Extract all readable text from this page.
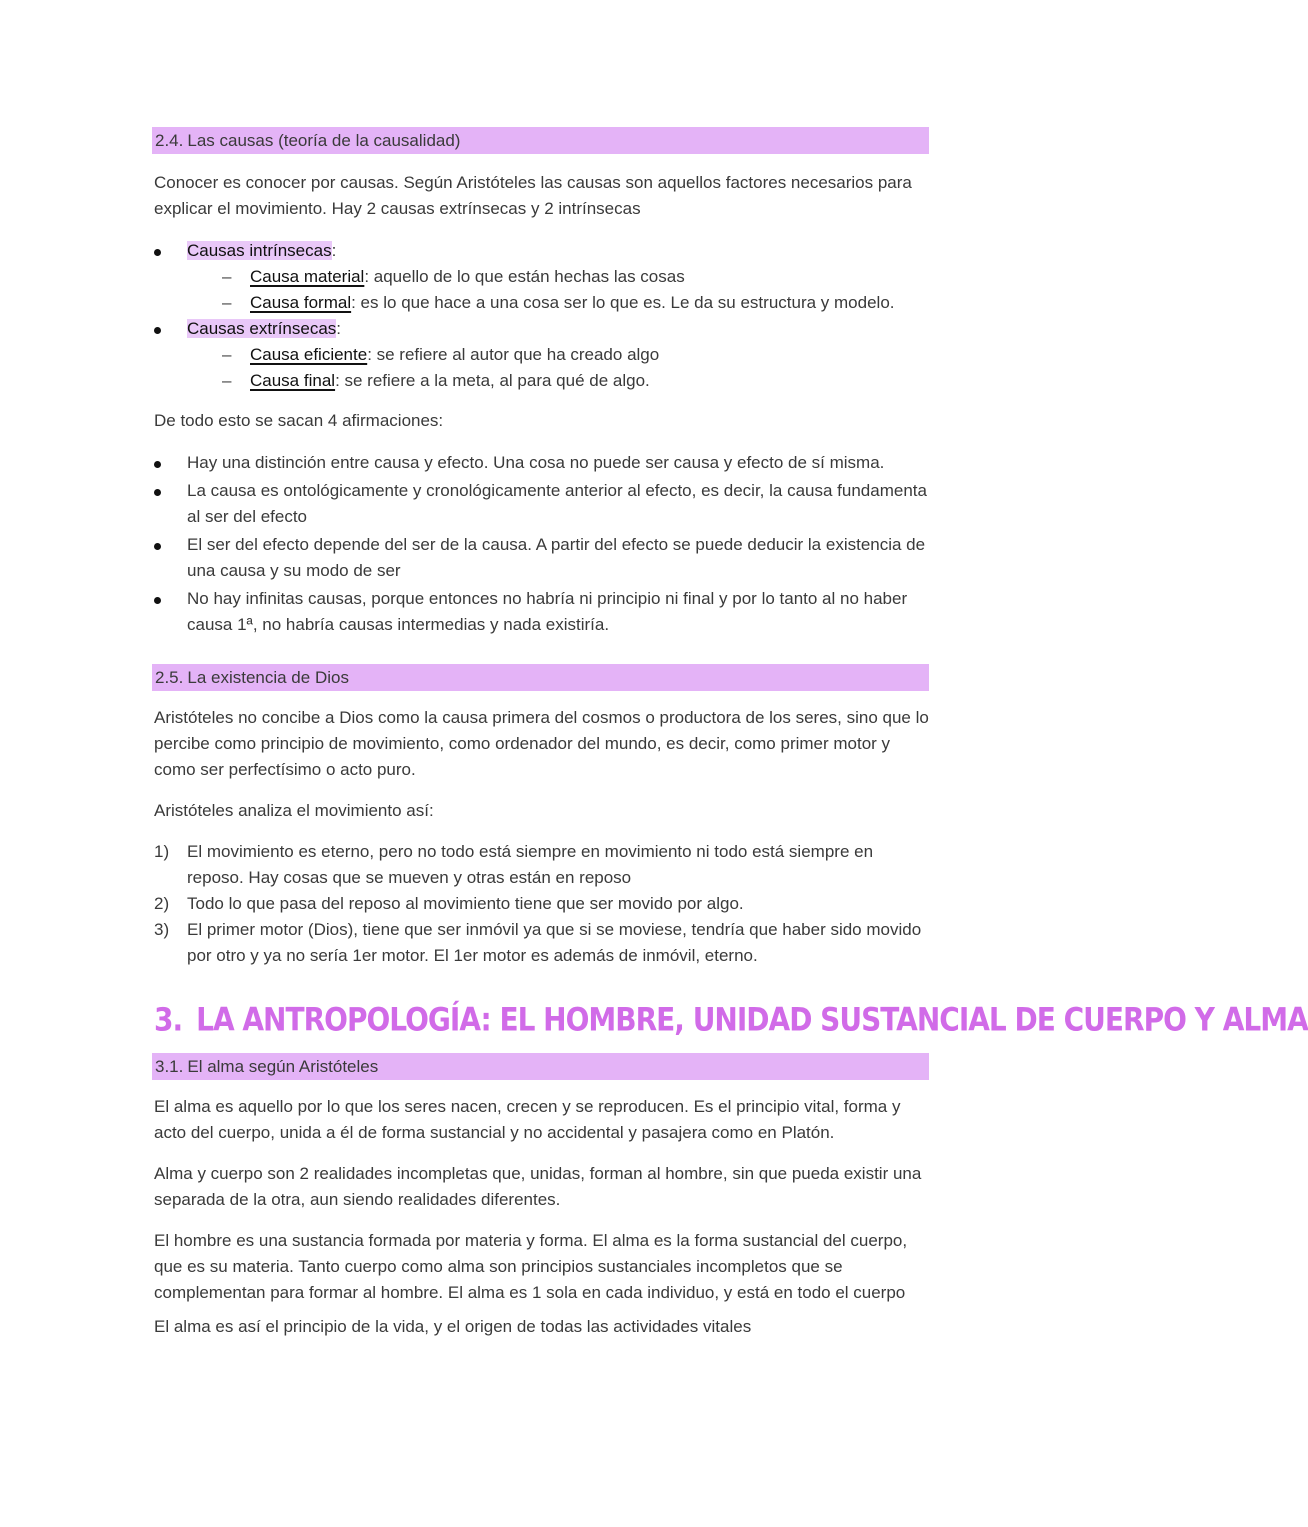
2.4. Las causas (teoría de la causalidad)

Conocer es conocer por causas. Según Aristóteles las causas son aquellos factores necesarios para explicar el movimiento. Hay 2 causas extrínsecas y 2 intrínsecas

Causas intrínsecas:
– Causa material: aquello de lo que están hechas las cosas
– Causa formal: es lo que hace a una cosa ser lo que es. Le da su estructura y modelo.
Causas extrínsecas:
– Causa eficiente: se refiere al autor que ha creado algo
– Causa final: se refiere a la meta, al para qué de algo.

De todo esto se sacan 4 afirmaciones:

Hay una distinción entre causa y efecto. Una cosa no puede ser causa y efecto de sí misma.
La causa es ontológicamente y cronológicamente anterior al efecto, es decir, la causa fundamenta al ser del efecto
El ser del efecto depende del ser de la causa. A partir del efecto se puede deducir la existencia de una causa y su modo de ser
No hay infinitas causas, porque entonces no habría ni principio ni final y por lo tanto al no haber causa 1ª, no habría causas intermedias y nada existiría.
2.5. La existencia de Dios

Aristóteles no concibe a Dios como la causa primera del cosmos o productora de los seres, sino que lo percibe como principio de movimiento, como ordenador del mundo, es decir, como primer motor y como ser perfectísimo o acto puro.

Aristóteles analiza el movimiento así:

1) El movimiento es eterno, pero no todo está siempre en movimiento ni todo está siempre en reposo. Hay cosas que se mueven y otras están en reposo
2) Todo lo que pasa del reposo al movimiento tiene que ser movido por algo.
3) El primer motor (Dios), tiene que ser inmóvil ya que si se moviese, tendría que haber sido movido por otro y ya no sería 1er motor. El 1er motor es además de inmóvil, eterno.
3. LA ANTROPOLOGÍA: EL HOMBRE, UNIDAD SUSTANCIAL DE CUERPO Y ALMA
3.1. El alma según Aristóteles

El alma es aquello por lo que los seres nacen, crecen y se reproducen. Es el principio vital, forma y acto del cuerpo, unida a él de forma sustancial y no accidental y pasajera como en Platón.

Alma y cuerpo son 2 realidades incompletas que, unidas, forman al hombre, sin que pueda existir una separada de la otra, aun siendo realidades diferentes.

El hombre es una sustancia formada por materia y forma. El alma es la forma sustancial del cuerpo, que es su materia. Tanto cuerpo como alma son principios sustanciales incompletos que se complementan para formar al hombre. El alma es 1 sola en cada individuo, y está en todo el cuerpo

El alma es así el principio de la vida, y el origen de todas las actividades vitales
